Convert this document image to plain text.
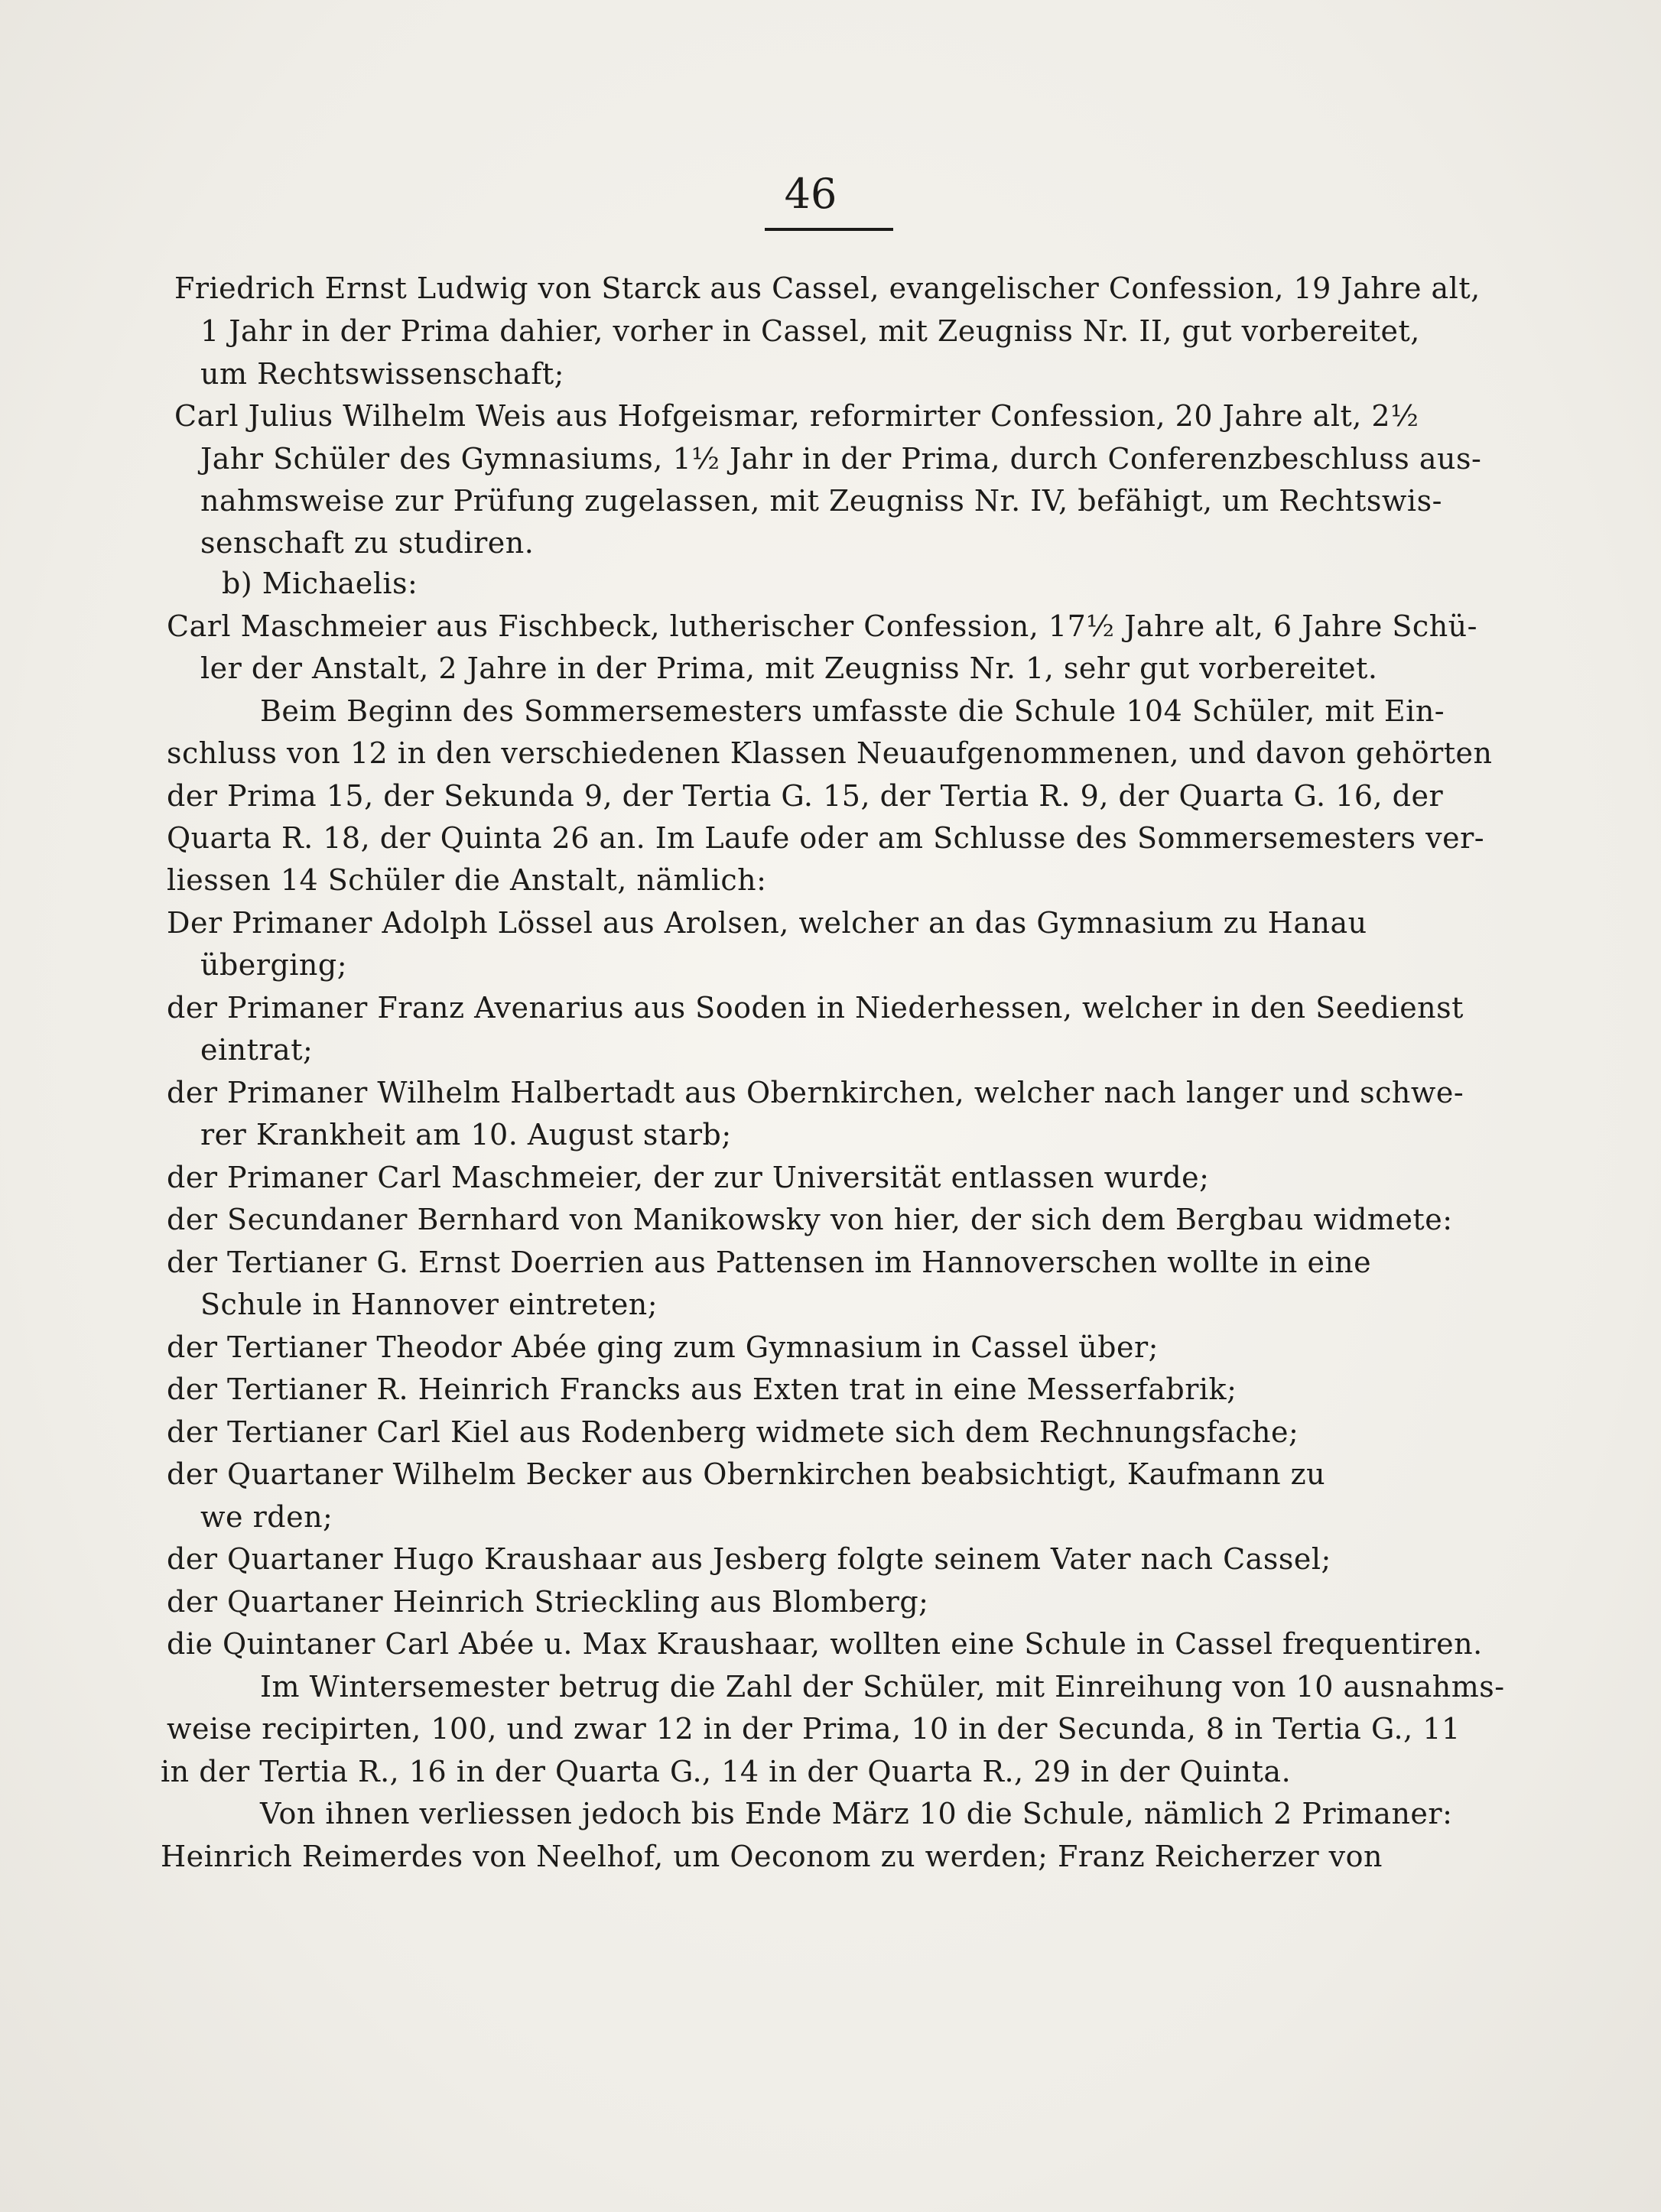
46
Friedrich Ernst Ludwig von Starck aus Cassel, evangelischer Confession, 19 Jahre alt,
1 Jahr in der Prima dahier, vorher in Cassel, mit Zeugniss Nr. II, gut vorbereitet,
um Rechtswissenschaft;
Carl Julius Wilhelm Weis aus Hofgeismar, reformirter Confession, 20 Jahre alt, 2½
Jahr Schüler des Gymnasiums, 1½ Jahr in der Prima, durch Conferenzbeschluss aus-
nahmsweise zur Prüfung zugelassen, mit Zeugniss Nr. IV, befähigt, um Rechtswis-
senschaft zu studiren.
b) Michaelis:
Carl Maschmeier aus Fischbeck, lutherischer Confession, 17½ Jahre alt, 6 Jahre Schü-
ler der Anstalt, 2 Jahre in der Prima, mit Zeugniss Nr. 1, sehr gut vorbereitet.
Beim Beginn des Sommersemesters umfasste die Schule 104 Schüler, mit Ein-
schluss von 12 in den verschiedenen Klassen Neuaufgenommenen, und davon gehörten
der Prima 15, der Sekunda 9, der Tertia G. 15, der Tertia R. 9, der Quarta G. 16, der
Quarta R. 18, der Quinta 26 an. Im Laufe oder am Schlusse des Sommersemesters ver-
liessen 14 Schüler die Anstalt, nämlich:
Der Primaner Adolph Lössel aus Arolsen, welcher an das Gymnasium zu Hanau
überging;
der Primaner Franz Avenarius aus Sooden in Niederhessen, welcher in den Seedienst
eintrat;
der Primaner Wilhelm Halbertadt aus Obernkirchen, welcher nach langer und schwe-
rer Krankheit am 10. August starb;
der Primaner Carl Maschmeier, der zur Universität entlassen wurde;
der Secundaner Bernhard von Manikowsky von hier, der sich dem Bergbau widmete:
der Tertianer G. Ernst Doerrien aus Pattensen im Hannoverschen wollte in eine
Schule in Hannover eintreten;
der Tertianer Theodor Abée ging zum Gymnasium in Cassel über;
der Tertianer R. Heinrich Francks aus Exten trat in eine Messerfabrik;
der Tertianer Carl Kiel aus Rodenberg widmete sich dem Rechnungsfache;
der Quartaner Wilhelm Becker aus Obernkirchen beabsichtigt, Kaufmann zu
we rden;
der Quartaner Hugo Kraushaar aus Jesberg folgte seinem Vater nach Cassel;
der Quartaner Heinrich Strieckling aus Blomberg;
die Quintaner Carl Abée u. Max Kraushaar, wollten eine Schule in Cassel frequentiren.
Im Wintersemester betrug die Zahl der Schüler, mit Einreihung von 10 ausnahms-
weise recipirten, 100, und zwar 12 in der Prima, 10 in der Secunda, 8 in Tertia G., 11
in der Tertia R., 16 in der Quarta G., 14 in der Quarta R., 29 in der Quinta.
Von ihnen verliessen jedoch bis Ende März 10 die Schule, nämlich 2 Primaner:
Heinrich Reimerdes von Neelhof, um Oeconom zu werden; Franz Reicherzer von
